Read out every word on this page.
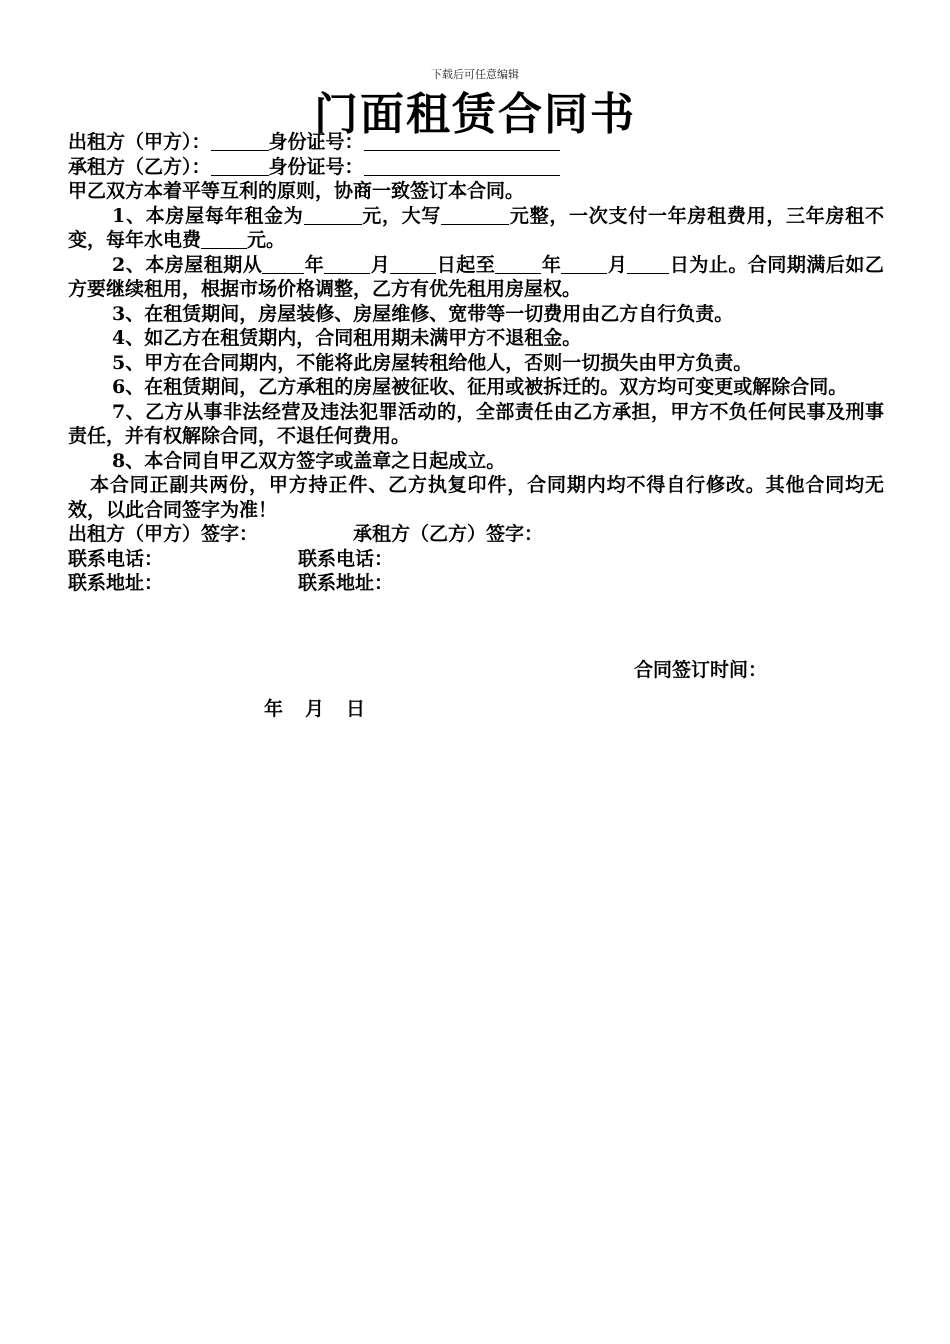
下载后可任意编辑
门面租赁合同书
出租方（甲方）：	身份证号：
承租方（乙方）：	身份证号：
甲乙双方本着平等互利的原则，协商一致签订本合同。
1、本房屋每年租金为	元，大写	元整，一次支付一年房租费用，三年房租不变，每年水电费 元。
2、本房屋租期从 年 月 日起至 年 月 日为止。合同期满后如乙方要继续租用，根据市场价格调整，乙方有优先租用房屋权。
3、在租赁期间，房屋装修、房屋维修、宽带等一切费用由乙方自行负责。
4、如乙方在租赁期内，合同租用期未满甲方不退租金。
5、甲方在合同期内，不能将此房屋转租给他人，否则一切损失由甲方负责。
6、在租赁期间，乙方承租的房屋被征收、征用或被拆迁的。双方均可变更或解除合同。
7、乙方从事非法经营及违法犯罪活动的，全部责任由乙方承担，甲方不负任何民事及刑事责任，并有权解除合同，不退任何费用。
8、本合同自甲乙双方签字或盖章之日起成立。
本合同正副共两份，甲方持正件、乙方执复印件，合同期内均不得自行修改。其他合同均无效，以此合同签字为准！
出租方（甲方）签字：	承租方（乙方）签字：
联系电话：	联系电话：
联系地址：	联系地址：
合同签订时间：
年 月 日
